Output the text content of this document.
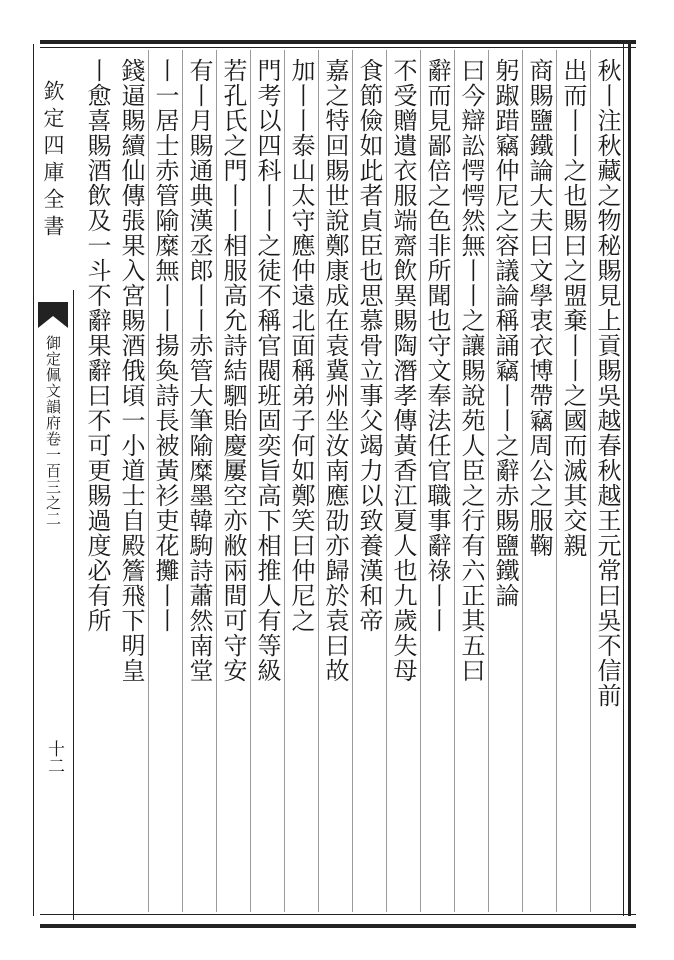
欽定四庫全書
御定佩文韻府卷一百三之二
十二
秋丨注秋藏之物秘賜見上貢賜吳越春秋越王元常曰吳不信前
出而丨丨之也賜曰之盟棄丨丨之國而滅其交親
商賜鹽鐵論大夫曰文學衷衣博帶竊周公之服鞠
躬踧踖竊仲尼之容議論稱誦竊丨丨之辭赤賜鹽鐵論
曰今辯訟愕愕然無丨丨之讓賜說苑人臣之行有六正其五曰
辭而見鄙倍之色非所聞也守文奉法任官職事辭祿丨丨
不受贈遺衣服端齋飲異賜陶潛孝傳黃香江夏人也九歲失母
食節儉如此者貞臣也思慕骨立事父竭力以致養漢和帝
嘉之特回賜世說鄭康成在袁冀州坐汝南應劭亦歸於袁曰故
加丨丨泰山太守應仲遠北面稱弟子何如鄭笑曰仲尼之
門考以四科丨丨之徒不稱官閥班固奕旨高下相推人有等級
若孔氏之門丨丨相服高允詩結駟貽慶屢空亦敝兩間可守安
有丨月賜通典漢丞郎丨丨赤管大筆隃糜墨韓駒詩蕭然南堂
丨一居士赤管隃糜無丨丨揚奐詩長被黃衫吏花攤丨丨
錢逼賜續仙傳張果入宮賜酒俄頃一小道士自殿簷飛下明皇
丨愈喜賜酒飲及一斗不辭果辭曰不可更賜過度必有所
